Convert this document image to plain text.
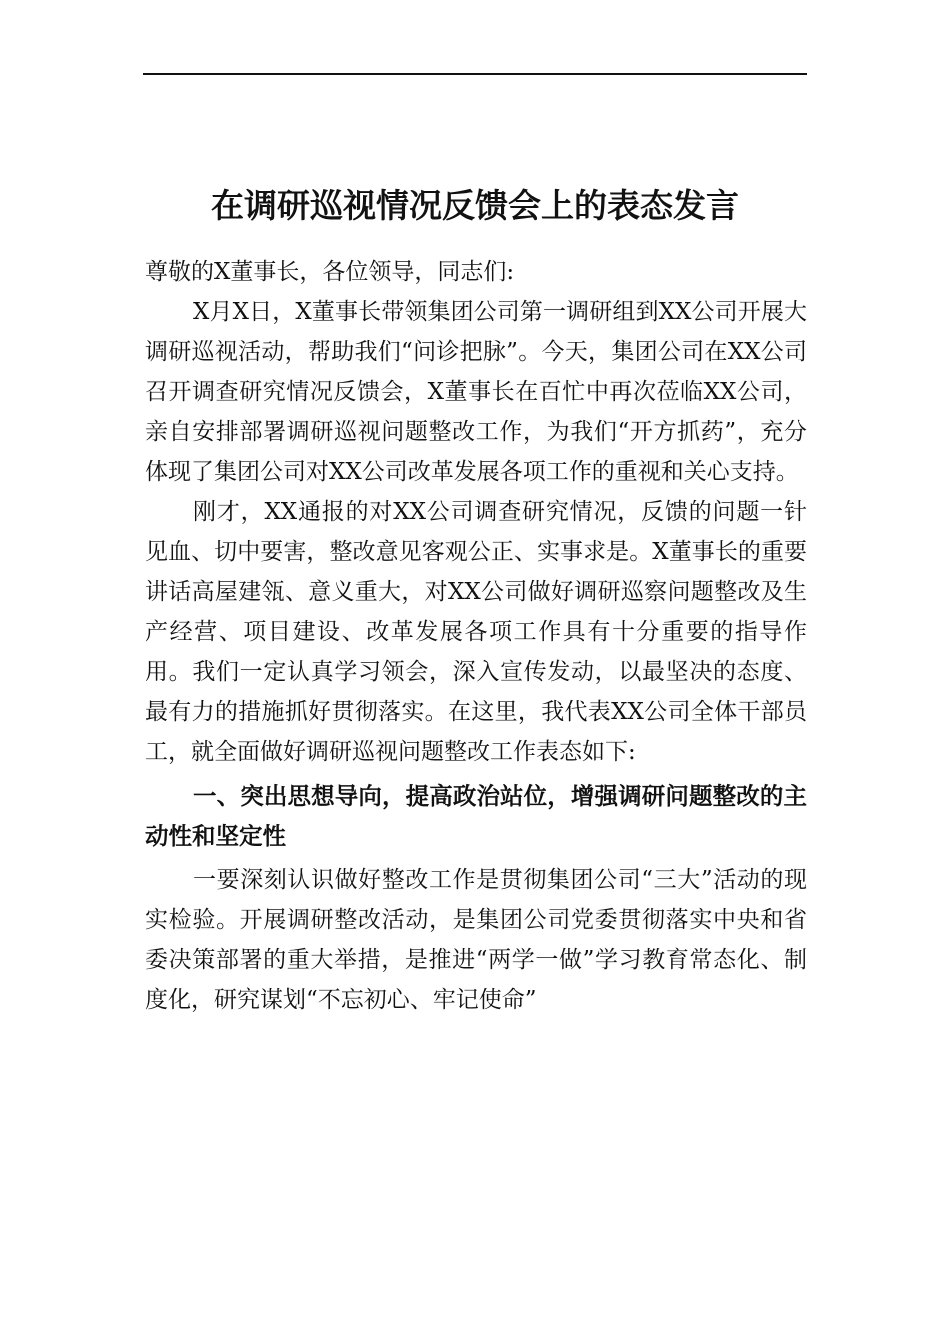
在调研巡视情况反馈会上的表态发言

尊敬的X董事长，各位领导，同志们:

X月X日，X董事长带领集团公司第一调研组到XX公司开展大调研巡视活动，帮助我们“问诊把脉”。今天，集团公司在XX公司召开调查研究情况反馈会，X董事长在百忙中再次莅临XX公司，亲自安排部署调研巡视问题整改工作，为我们“开方抓药”，充分体现了集团公司对XX公司改革发展各项工作的重视和关心支持。

刚才，XX通报的对XX公司调查研究情况，反馈的问题一针见血、切中要害，整改意见客观公正、实事求是。X董事长的重要讲话高屋建瓴、意义重大，对XX公司做好调研巡察问题整改及生产经营、项目建设、改革发展各项工作具有十分重要的指导作用。我们一定认真学习领会，深入宣传发动，以最坚决的态度、最有力的措施抓好贯彻落实。在这里，我代表XX公司全体干部员工，就全面做好调研巡视问题整改工作表态如下:

一、突出思想导向，提高政治站位，增强调研问题整改的主动性和坚定性

一要深刻认识做好整改工作是贯彻集团公司“三大”活动的现实检验。开展调研整改活动，是集团公司党委贯彻落实中央和省委决策部署的重大举措，是推进“两学一做”学习教育常态化、制度化，研究谋划“不忘初心、牢记使命”
